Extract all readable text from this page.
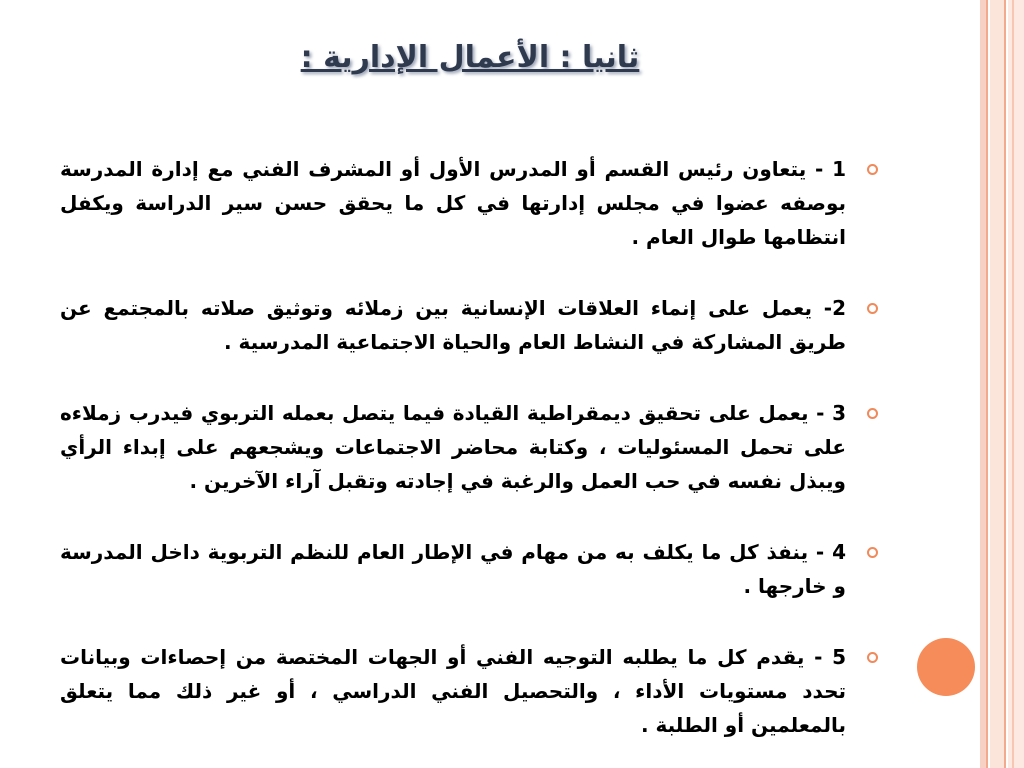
ثانيا : الأعمال الإدارية :
1 - يتعاون رئيس القسم أو المدرس الأول أو المشرف الفني مع إدارة المدرسة بوصفه عضوا في مجلس إدارتها في كل ما يحقق حسن سير الدراسة ويكفل انتظامها طوال العام .
2- يعمل على إنماء العلاقات الإنسانية بين زملائه وتوثيق صلاته بالمجتمع عن طريق المشاركة في النشاط العام والحياة الاجتماعية المدرسية .
3 - يعمل على تحقيق ديمقراطية القيادة فيما يتصل بعمله التربوي فيدرب زملاءه على تحمل المسئوليات ، وكتابة محاضر الاجتماعات ويشجعهم على إبداء الرأي ويبذل نفسه في حب العمل والرغبة في إجادته وتقبل آراء الآخرين .
4 - ينفذ كل ما يكلف به من مهام في الإطار العام للنظم التربوية داخل المدرسة و خارجها .
5 - يقدم كل ما يطلبه التوجيه الفني أو الجهات المختصة من إحصاءات وبيانات تحدد مستويات الأداء ، والتحصيل الفني الدراسي ، أو غير ذلك مما يتعلق بالمعلمين أو الطلبة .
